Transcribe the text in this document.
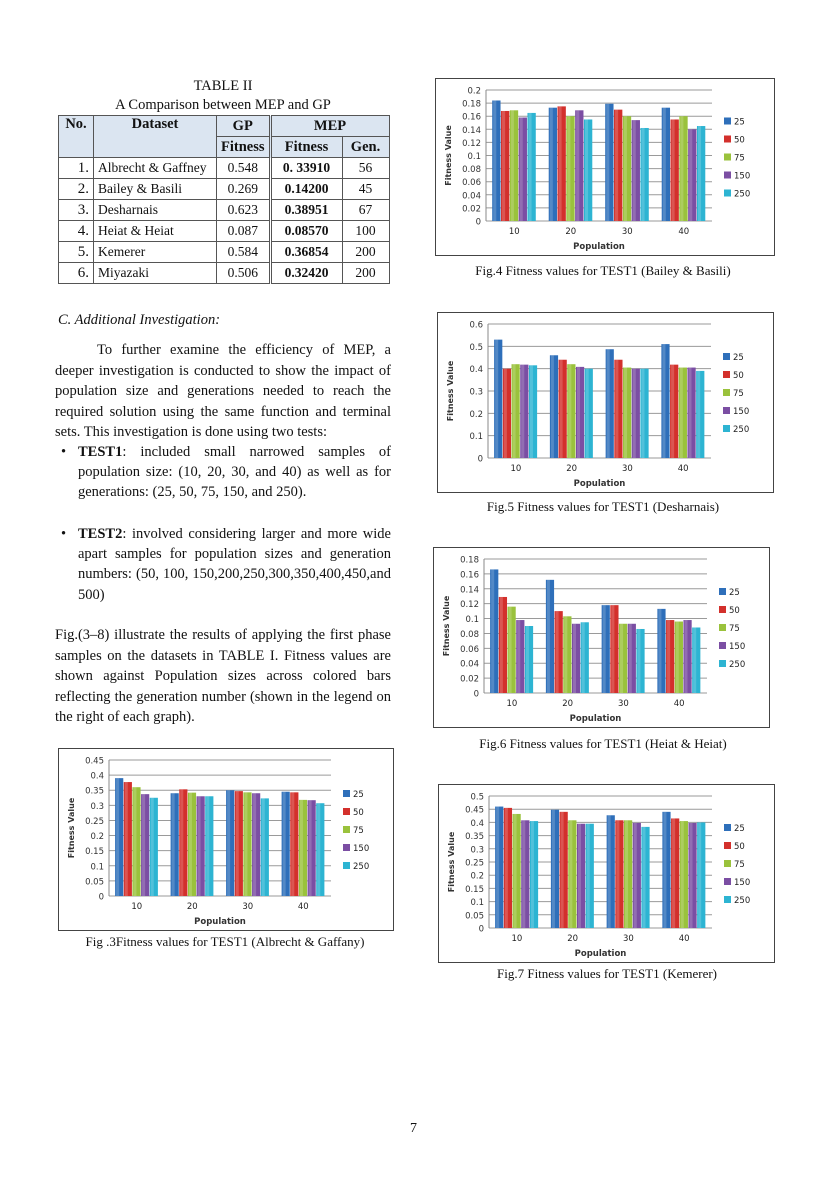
TABLE II
A Comparison between MEP and GP
No.	Dataset	GP	MEP	
		Fitness	Fitness	Gen.
1.	Albrecht & Gaffney	0.548	0. 33910	56
2.	Bailey & Basili	0.269	0.14200	45
3.	Desharnais	0.623	0.38951	67
4.	Heiat & Heiat	0.087	0.08570	100
5.	Kemerer	0.584	0.36854	200
6.	Miyazaki	0.506	0.32420	200
C. Additional Investigation:
To further examine the efficiency of MEP, a deeper investigation is conducted to show the impact of population size and generations needed to reach the required solution using the same function and terminal sets. This investigation is done using two tests:
• TEST1: included small narrowed samples of population size: (10, 20, 30, and 40) as well as for generations: (25, 50, 75, 150, and 250).
• TEST2: involved considering larger and more wide apart samples for population sizes and generation numbers: (50, 100, 150,200,250,300,350,400,450,and 500)
Fig.(3–8) illustrate the results of applying the first phase samples on the datasets in TABLE I. Fitness values are shown against Population sizes across colored bars reflecting the generation number (shown in the legend on the right of each graph).
0
0.05
0.1
0.15
0.2
0.25
0.3
0.35
0.4
0.45
10	20	30	40
Population
Fitness Value
25
50
75
150
250
Fig .3Fitness values for TEST1 (Albrecht & Gaffany)
0
0.02
0.04
0.06
0.08
0.1
0.12
0.14
0.16
0.18
0.2
10	20	30	40
Population
Fitness Value
25
50
75
150
250
Fig.4 Fitness values for TEST1 (Bailey & Basili)
0
0.1
0.2
0.3
0.4
0.5
0.6
10	20	30	40
Population
Fitness Value
25
50
75
150
250
Fig.5 Fitness values for TEST1 (Desharnais)
0
0.02
0.04
0.06
0.08
0.1
0.12
0.14
0.16
0.18
10	20	30	40
Population
Fitness Value
25
50
75
150
250
Fig.6 Fitness values for TEST1 (Heiat & Heiat)
0
0.05
0.1
0.15
0.2
0.25
0.3
0.35
0.4
0.45
0.5
10	20	30	40
Population
Fitness Value
25
50
75
150
250
Fig.7 Fitness values for TEST1 (Kemerer)
7
